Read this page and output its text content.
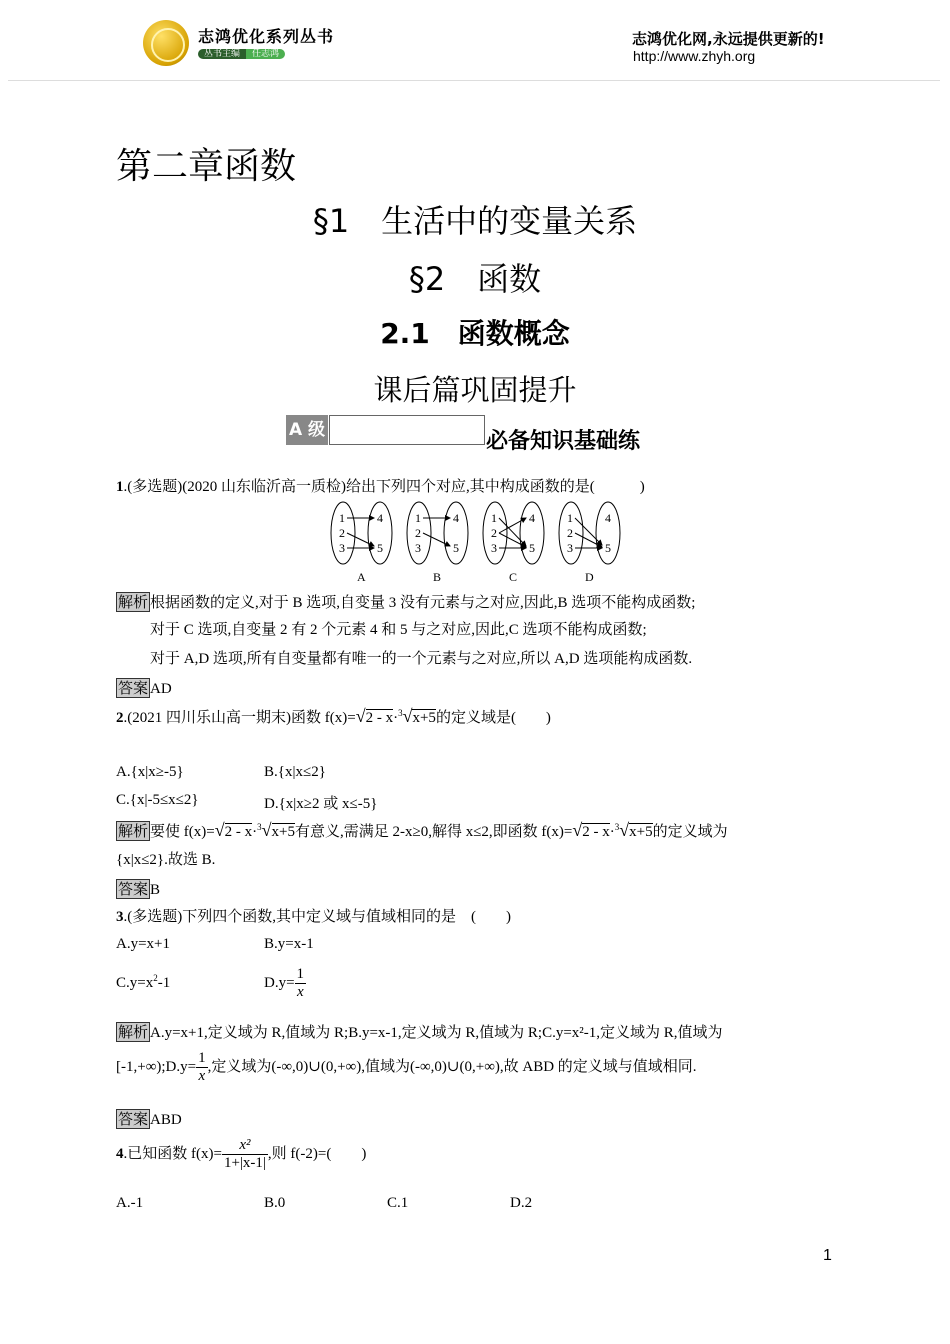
志鸿优化系列丛书
丛书主编 任志鸿
志鸿优化网,永远提供更新的!
http://www.zhyh.org
第二章函数
§1　生活中的变量关系
§2　函数
2.1　函数概念
课后篇巩固提升
A 级	必备知识基础练
1.(多选题)(2020 山东临沂高一质检)给出下列四个对应,其中构成函数的是(　　　)
1
2
3
4
5
A
1
2
3
4
5
B
1
2
3
4
5
C
1
2
3
4
5
D
解析 根据函数的定义,对于 B 选项,自变量 3 没有元素与之对应,因此,B 选项不能构成函数;
对于 C 选项,自变量 2 有 2 个元素 4 和 5 与之对应,因此,C 选项不能构成函数;
对于 A,D 选项,所有自变量都有唯一的一个元素与之对应,所以 A,D 选项能构成函数.
答案 AD
2.(2021 四川乐山高一期末)函数 f(x)=√2 - x·$^3$√x+5的定义域是(　　)
A.{x|x≥-5}	B.{x|x≤2}
C.{x|-5≤x≤2}	D.{x|x≥2 或 x≤-5}
解析 要使 f(x)=√2 - x·$^3$√x+5有意义,需满足 2-x≥0,解得 x≤2,即函数 f(x)=√2 - x·$^3$√x+5的定义域为
{x|x≤2}.故选 B.
答案 B
3.(多选题)下列四个函数,其中定义域与值域相同的是　(　　)
A.y=x+1	B.y=x-1
$C.y=x^2-1$	$D.y= \frac{1}{x}$
解析 A.y=x+1,定义域为 R,值域为 R;B.y=x-1,定义域为 R,值域为 R;C.y=x²-1,定义域为 R,值域为
[-1,+∞);D.y= $\frac{1}{x}$ ,定义域为(-∞,0)∪(0,+∞),值域为(-∞,0)∪(0,+∞),故 ABD 的定义域与值域相同.
答案 ABD
4.已知函数 $f(x)= \frac{\text{x²}}{1+|x-1|}$ ,则 f(-2)=(　　)
A.-1	B.0	C.1	D.2
1
